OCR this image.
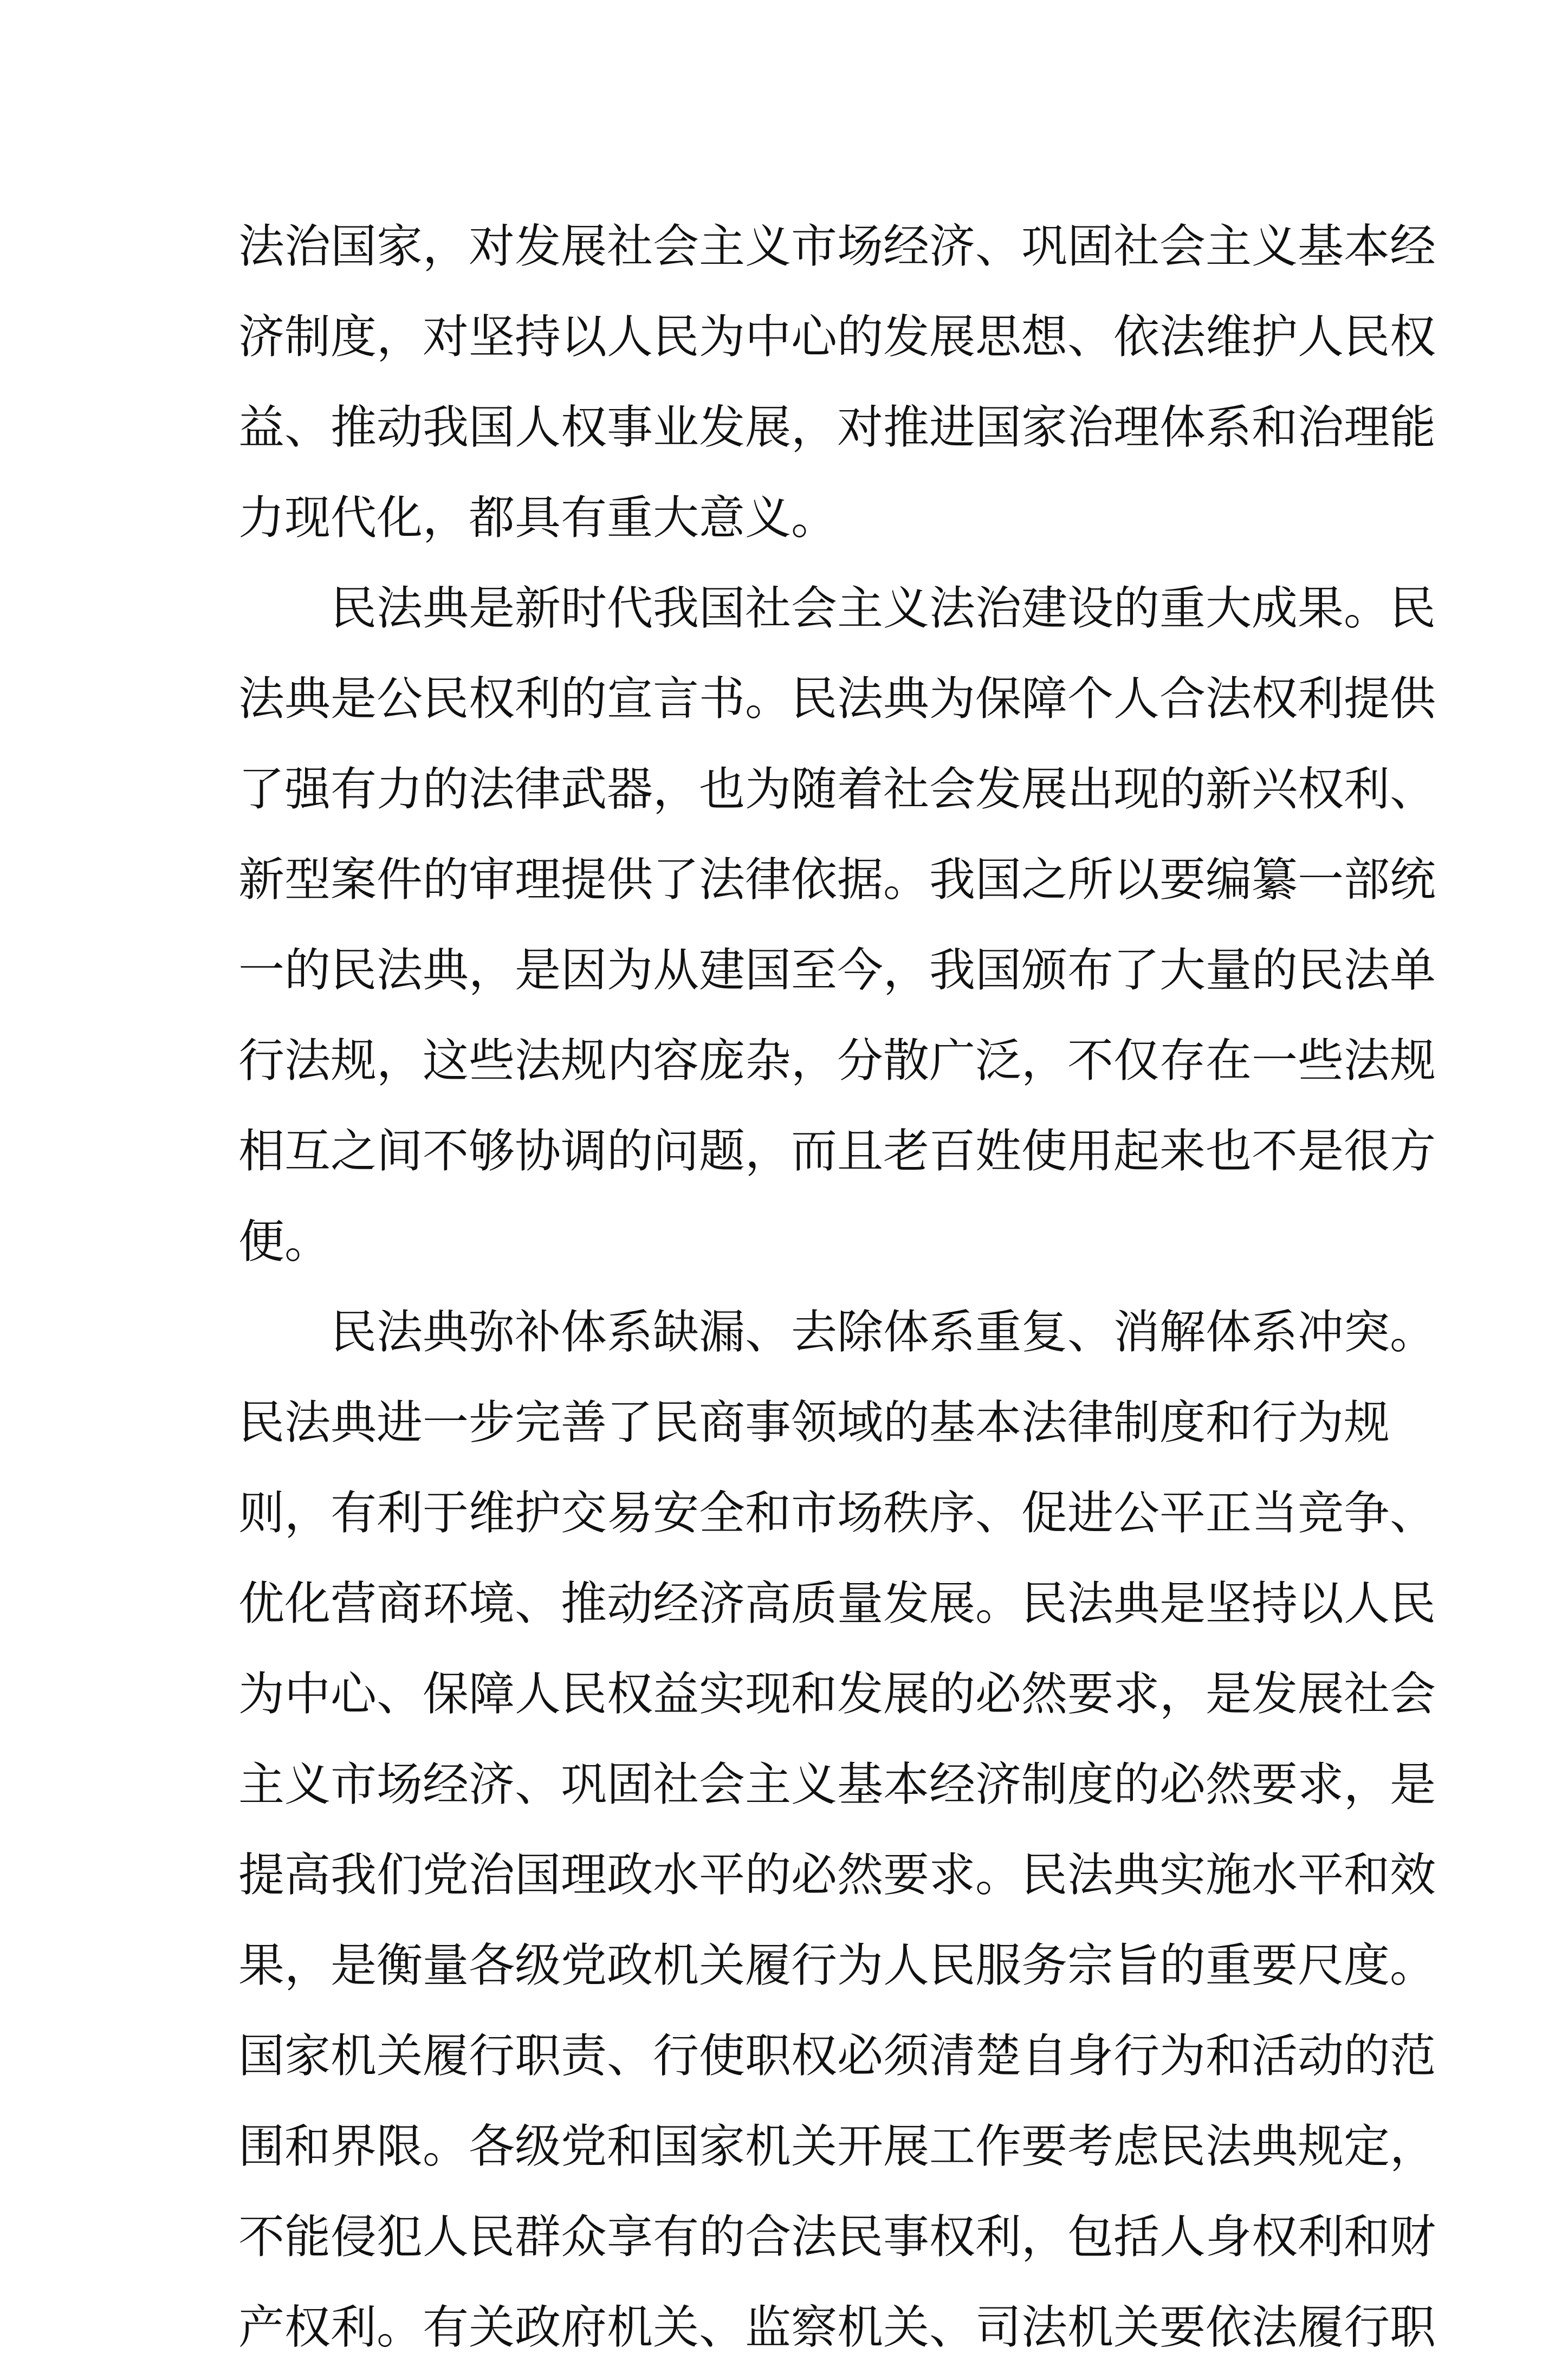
法治国家，对发展社会主义市场经济、巩固社会主义基本经
济制度，对坚持以人民为中心的发展思想、依法维护人民权
益、推动我国人权事业发展，对推进国家治理体系和治理能
力现代化，都具有重大意义。
民法典是新时代我国社会主义法治建设的重大成果。民
法典是公民权利的宣言书。民法典为保障个人合法权利提供
了强有力的法律武器，也为随着社会发展出现的新兴权利、
新型案件的审理提供了法律依据。我国之所以要编纂一部统
一的民法典，是因为从建国至今，我国颁布了大量的民法单
行法规，这些法规内容庞杂，分散广泛，不仅存在一些法规
相互之间不够协调的问题，而且老百姓使用起来也不是很方
便。
民法典弥补体系缺漏、去除体系重复、消解体系冲突。
民法典进一步完善了民商事领域的基本法律制度和行为规
则，有利于维护交易安全和市场秩序、促进公平正当竞争、
优化营商环境、推动经济高质量发展。民法典是坚持以人民
为中心、保障人民权益实现和发展的必然要求，是发展社会
主义市场经济、巩固社会主义基本经济制度的必然要求，是
提高我们党治国理政水平的必然要求。民法典实施水平和效
果，是衡量各级党政机关履行为人民服务宗旨的重要尺度。
国家机关履行职责、行使职权必须清楚自身行为和活动的范
围和界限。各级党和国家机关开展工作要考虑民法典规定，
不能侵犯人民群众享有的合法民事权利，包括人身权利和财
产权利。有关政府机关、监察机关、司法机关要依法履行职
